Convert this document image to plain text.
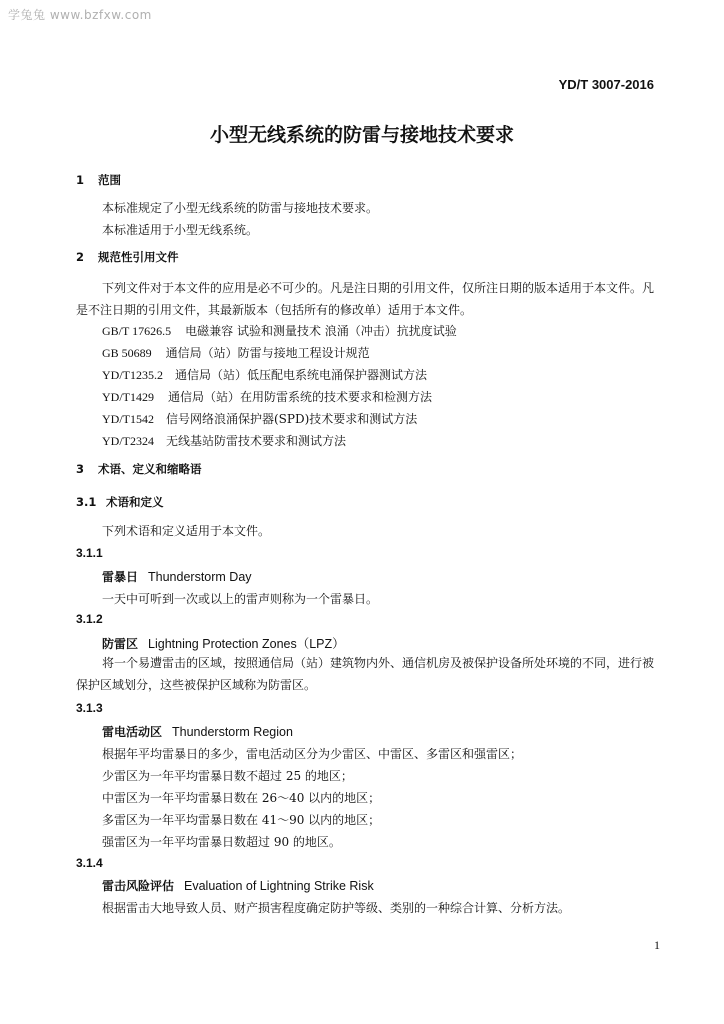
学兔兔 www.bzfxw.com
YD/T 3007-2016
小型无线系统的防雷与接地技术要求
1 范围
本标准规定了小型无线系统的防雷与接地技术要求。
本标准适用于小型无线系统。
2 规范性引用文件
下列文件对于本文件的应用是必不可少的。凡是注日期的引用文件，仅所注日期的版本适用于本文件。凡是不注日期的引用文件，其最新版本（包括所有的修改单）适用于本文件。
GB/T 17626.5 电磁兼容 试验和测量技术 浪涌（冲击）抗扰度试验
GB 50689 通信局（站）防雷与接地工程设计规范
YD/T1235.2 通信局（站）低压配电系统电涌保护器测试方法
YD/T1429 通信局（站）在用防雷系统的技术要求和检测方法
YD/T1542 信号网络浪涌保护器(SPD)技术要求和测试方法
YD/T2324 无线基站防雷技术要求和测试方法
3 术语、定义和缩略语
3.1 术语和定义
下列术语和定义适用于本文件。
3.1.1
雷暴日 Thunderstorm Day
一天中可听到一次或以上的雷声则称为一个雷暴日。
3.1.2
防雷区 Lightning Protection Zones（LPZ）
将一个易遭雷击的区域，按照通信局（站）建筑物内外、通信机房及被保护设备所处环境的不同，进行被保护区域划分，这些被保护区域称为防雷区。
3.1.3
雷电活动区 Thunderstorm Region
根据年平均雷暴日的多少，雷电活动区分为少雷区、中雷区、多雷区和强雷区；
少雷区为一年平均雷暴日数不超过 25 的地区；
中雷区为一年平均雷暴日数在 26～40 以内的地区；
多雷区为一年平均雷暴日数在 41～90 以内的地区；
强雷区为一年平均雷暴日数超过 90 的地区。
3.1.4
雷击风险评估 Evaluation of Lightning Strike Risk
根据雷击大地导致人员、财产损害程度确定防护等级、类别的一种综合计算、分析方法。
1
